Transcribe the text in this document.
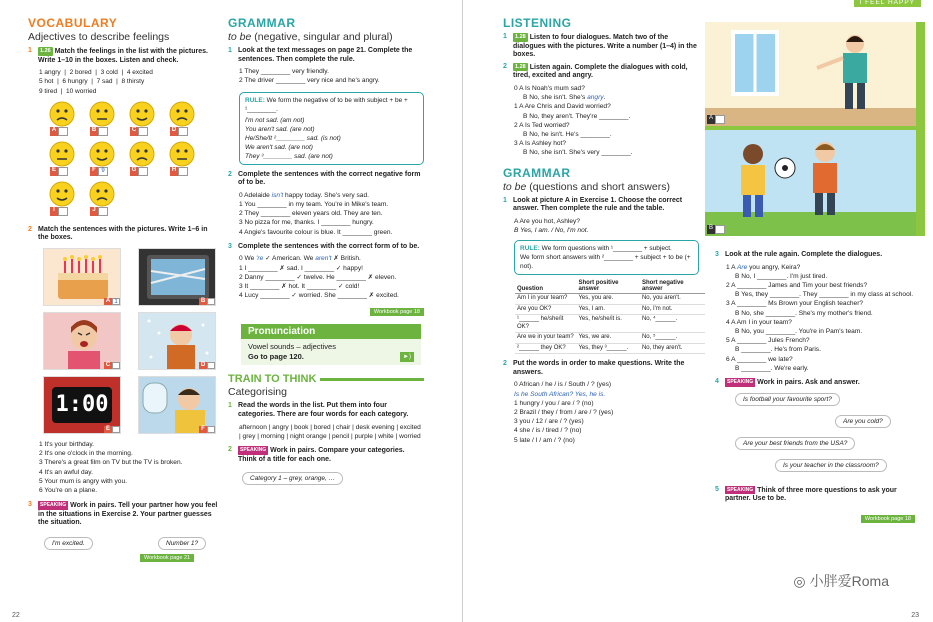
VOCABULARY
Adjectives to describe feelings
1	1.26 Match the feelings in the list with the pictures. Write 1–10 in the boxes. Listen and check.
1 angry  |  2 bored  |  3 cold  |  4 excited
5 hot  |  6 hungry  |  7 sad  |  8 thirsty
9 tired  |  10 worried
A	B	C	D
E	F 9	G	H
I	J
2 Match the sentences with the pictures. Write 1–6 in the boxes.
A 1	B
C	D
1:00
E	F
1 It's your birthday.
2 It's one o'clock in the morning.
3 There's a great film on TV but the TV is broken.
4 It's an awful day.
5 Your mum is angry with you.
6 You're on a plane.
3	SPEAKING Work in pairs. Tell your partner how you feel in the situations in Exercise 2. Your partner guesses the situation.
I'm excited.	Number 1?
Workbook page 21
GRAMMAR
to be (negative, singular and plural)
1 Look at the text messages on page 21. Complete the sentences. Then complete the rule.
1 They ________ very friendly.
2 The driver ________ very nice and he's angry.
RULE: We form the negative of to be with subject + be + ¹________.
I'm not sad. (am not)
You aren't sad. (are not)
He/She/It ²________ sad. (is not)
We aren't sad. (are not)
They ³________ sad. (are not)
2 Complete the sentences with the correct negative form of to be.
0 Adelaide isn't happy today. She's very sad.
1 You ________ in my team. You're in Mike's team.
2 They ________ eleven years old. They are ten.
3 No pizza for me, thanks. I ________ hungry.
4 Angie's favourite colour is blue. It ________ green.
3 Complete the sentences with the correct form of to be.
0 We 're ✓ American. We aren't ✗ British.
1 I ________ ✗ sad. I ________ ✓ happy!
2 Danny ________ ✓ twelve. He ________ ✗ eleven.
3 It ________ ✗ hot. It ________ ✓ cold!
4 Lucy ________ ✓ worried. She ________ ✗ excited.
Workbook page 18
Pronunciation
Vowel sounds – adjectives
Go to page 120.	►)
TRAIN TO THINK
Categorising
1 Read the words in the list. Put them into four categories. There are four words for each category.
afternoon | angry | book | bored | chair | desk evening | excited | grey | morning | night orange | pencil | purple | white | worried
2	SPEAKING Work in pairs. Compare your categories. Think of a title for each one.
Category 1 – grey, orange, …
22
I FEEL HAPPY
LISTENING
1	1.28 Listen to four dialogues. Match two of the dialogues with the pictures. Write a number (1–4) in the boxes.
2	1.28 Listen again. Complete the dialogues with cold, tired, excited and angry.
0 A Is Noah's mum sad?
B No, she isn't. She's angry.
1 A Are Chris and David worried?
B No, they aren't. They're ________.
2 A Is Ted worried?
B No, he isn't. He's ________.
3 A Is Ashley hot?
B No, she isn't. She's very ________.
GRAMMAR
to be (questions and short answers)
1 Look at picture A in Exercise 1. Choose the correct answer. Then complete the rule and the table.
A Are you hot, Ashley?
B Yes, I am. / No, I'm not.
RULE: We form questions with ¹________ + subject.
We form short answers with ²________ + subject + to be (+ not).
Question	Short positive answer	Short negative answer
Am I in your team?	Yes, you are.	No, you aren't.
Are you OK?	Yes, I am.	No, I'm not.
¹______ he/she/it OK?	Yes, he/she/it is.	No, ⁴______.
Are we in your team?	Yes, we are.	No, ⁵______.
²______ they OK?	Yes, they ³______.	No, they aren't.
2 Put the words in order to make questions. Write the answers.
0 African / he / is / South / ? (yes)
Is he South African? Yes, he is.
1 hungry / you / are / ? (no)
2 Brazil / they / from / are / ? (yes)
3 you / 12 / are / ? (yes)
4 she / is / tired / ? (no)
5 late / I / am / ? (no)
A
B
3 Look at the rule again. Complete the dialogues.
1 A Are you angry, Keira?
B No, I ________. I'm just tired.
2 A ________ James and Tim your best friends?
B Yes, they ________. They ________ in my class at school.
3 A ________ Ms Brown your English teacher?
B No, she ________. She's my mother's friend.
4 A Am I in your team?
B No, you ________. You're in Pam's team.
5 A ________ Jules French?
B ________. He's from Paris.
6 A ________ we late?
B ________. We're early.
4	SPEAKING Work in pairs. Ask and answer.
Is football your favourite sport?
Are you cold?
Are your best friends from the USA?
Is your teacher in the classroom?
5	SPEAKING Think of three more questions to ask your partner. Use to be.
Workbook page 18
◎ 小胖爱Roma
23
